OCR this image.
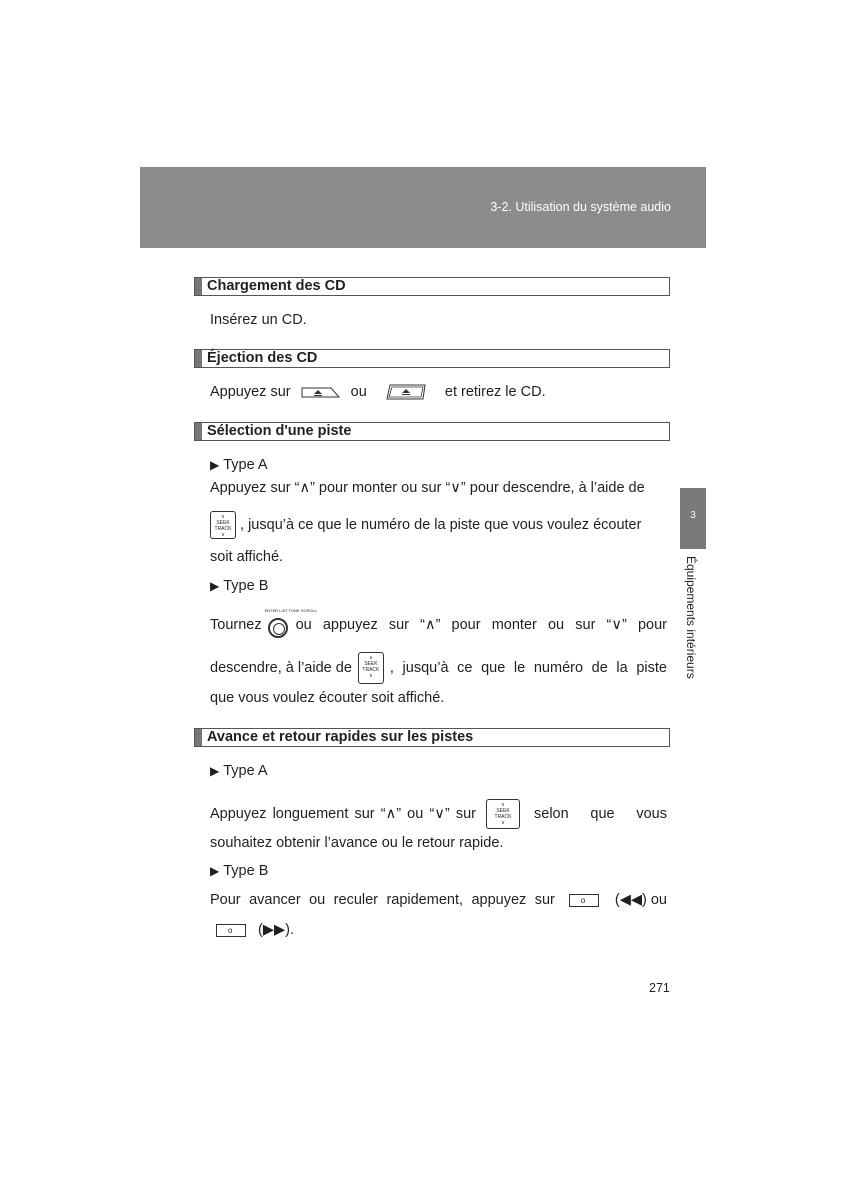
3-2. Utilisation du système audio
Chargement des CD
Insérez un CD.
Éjection des CD
Appuyez sur	ou	et retirez le CD.
Sélection d'une piste
▶ Type A
Appuyez sur “∧” pour monter ou sur “∨” pour descendre, à l’aide de
∧
SEEK
TRACK
∨ , jusqu’à ce que le numéro de la piste que vous voulez écouter
soit affiché.
▶ Type B
Tournez
ENTER LIST TUNE·SCROLL
ou appuyez sur “∧” pour monter ou sur “∨” pour
descendre, à l’aide de
∧
SEEK
TRACK
∨	, jusqu’à ce que le numéro de la piste
que vous voulez écouter soit affiché.
Avance et retour rapides sur les pistes
▶ Type A
Appuyez longuement sur “∧” ou “∨” sur
∧
SEEK
TRACK
∨
selon que vous
souhaitez obtenir l’avance ou le retour rapide.
▶ Type B
Pour avancer ou reculer rapidement, appuyez sur
o	(◀◀) ou
o(▶▶).
3
Équipements intérieurs
271
